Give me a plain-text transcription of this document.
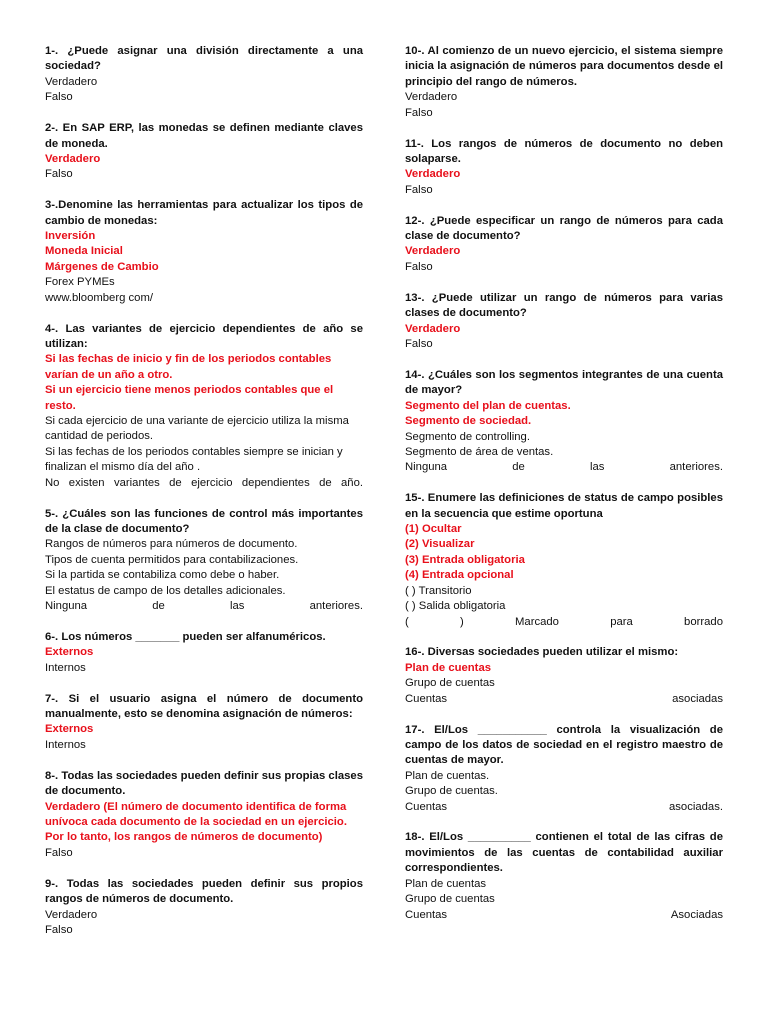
1-. ¿Puede asignar una división directamente a una sociedad?
Verdadero
Falso
2-. En SAP ERP, las monedas se definen mediante claves de moneda.
Verdadero
Falso
3-.Denomine las herramientas para actualizar los tipos de cambio de monedas:
Inversión
Moneda Inicial
Márgenes de Cambio
Forex PYMEs
www.bloomberg com/
4-. Las variantes de ejercicio dependientes de año se utilizan:
Si las fechas de inicio y fin de los periodos contables varían de un año a otro.
Si un ejercicio tiene menos periodos contables que el resto.
Si cada ejercicio de una variante de ejercicio utiliza la misma cantidad de periodos.
Si las fechas de los periodos contables siempre se inician y finalizan el mismo día del año .
No existen variantes de ejercicio dependientes de año.
5-. ¿Cuáles son las funciones de control más importantes de la clase de documento?
Rangos de números para números de documento.
Tipos de cuenta permitidos para contabilizaciones.
Si la partida se contabiliza como debe o haber.
El estatus de campo de los detalles adicionales.
Ninguna de las anteriores.
6-. Los números _______ pueden ser alfanuméricos.
Externos
Internos
7-. Si el usuario asigna el número de documento manualmente, esto se denomina asignación de números:
Externos
Internos
8-. Todas las sociedades pueden definir sus propias clases de documento.
Verdadero (El número de documento identifica de forma unívoca cada documento de la sociedad en un ejercicio. Por lo tanto, los rangos de números de documento)
Falso
9-. Todas las sociedades pueden definir sus propios rangos de números de documento.
Verdadero
Falso
10-. Al comienzo de un nuevo ejercicio, el sistema siempre inicia la asignación de números para documentos desde el principio del rango de números.
Verdadero
Falso
11-. Los rangos de números de documento no deben solaparse.
Verdadero
Falso
12-. ¿Puede especificar un rango de números para cada clase de documento?
Verdadero
Falso
13-. ¿Puede utilizar un rango de números para varias clases de documento?
Verdadero
Falso
14-. ¿Cuáles son los segmentos integrantes de una cuenta de mayor?
Segmento del plan de cuentas.
Segmento de sociedad.
Segmento de controlling.
Segmento de área de ventas.
Ninguna de las anteriores.
15-. Enumere las definiciones de status de campo posibles en la secuencia que estime oportuna
(1) Ocultar
(2) Visualizar
(3) Entrada obligatoria
(4) Entrada opcional
( ) Transitorio
( ) Salida obligatoria
( ) Marcado para borrado
16-. Diversas sociedades pueden utilizar el mismo:
Plan de cuentas
Grupo de cuentas
Cuentas asociadas
17-. El/Los ___________ controla la visualización de campo de los datos de sociedad en el registro maestro de cuentas de mayor.
Plan de cuentas.
Grupo de cuentas.
Cuentas asociadas.
18-. El/Los __________ contienen el total de las cifras de movimientos de las cuentas de contabilidad auxiliar correspondientes.
Plan de cuentas
Grupo de cuentas
Cuentas Asociadas
